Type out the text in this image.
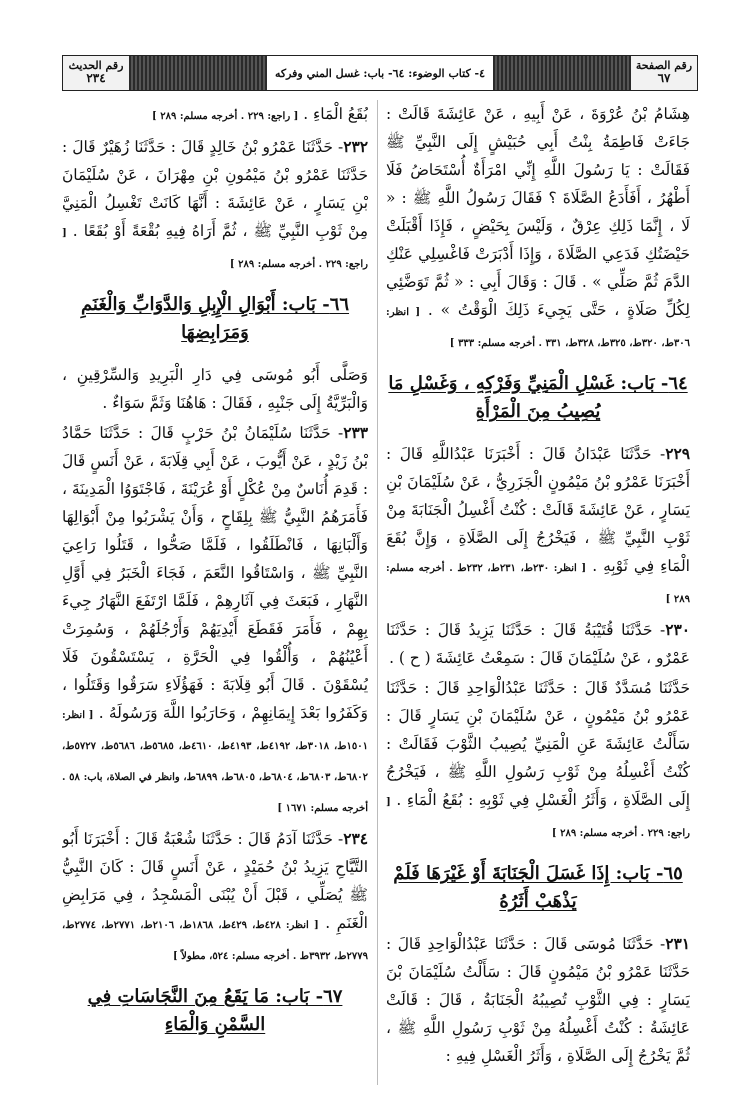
رقم الصفحة
٦٧
٤- كتاب الوضوء: ٦٤- باب: غسل المني وفركه
رقم الحديث
٢٣٤

هِشَامُ بْنُ عُرْوَةَ ، عَنْ أَبِيهِ ، عَنْ عَائِشَةَ قَالَتْ : جَاءَتْ فَاطِمَةُ بِنْتُ أَبِي حُبَيْشٍ إِلَى النَّبِيِّ ﷺ فَقَالَتْ : يَا رَسُولَ اللَّهِ إِنِّي امْرَأَةٌ أُسْتَحَاضُ فَلَا أَطْهُرُ ، أَفَأَدَعُ الصَّلَاةَ ؟ فَقَالَ رَسُولُ اللَّهِ ﷺ : « لَا ، إِنَّمَا ذَلِكِ عِرْقٌ ، وَلَيْسَ بِحَيْضٍ ، فَإِذَا أَقْبَلَتْ حَيْضَتُكِ فَدَعِي الصَّلَاةَ ، وَإِذَا أَدْبَرَتْ فَاغْسِلِي عَنْكِ الدَّمَ ثُمَّ صَلِّي » . قَالَ : وَقَالَ أَبِي : « ثُمَّ تَوَضَّئِي لِكُلِّ صَلَاةٍ ، حَتَّى يَجِيءَ ذَلِكَ الْوَقْتُ » . [ انظر: ٣٠٦ط، ٣٢٠ط، ٣٢٥ط، ٣٢٨ط، ٣٣١ . أخرجه مسلم: ٣٣٣ ]

٦٤- بَاب: غَسْلِ الْمَنِيِّ وَفَرْكِهِ ، وَغَسْلِ مَا يُصِيبُ مِنَ الْمَرْأَةِ

٢٢٩- حَدَّثَنَا عَبْدَانُ قَالَ : أَخْبَرَنَا عَبْدُاللَّهِ قَالَ : أَخْبَرَنَا عَمْرُو بْنُ مَيْمُونٍ الْجَزَرِيُّ ، عَنْ سُلَيْمَانَ بْنِ يَسَارٍ ، عَنْ عَائِشَةَ قَالَتْ : كُنْتُ أَغْسِلُ الْجَنَابَةَ مِنْ ثَوْبِ النَّبِيِّ ﷺ ، فَيَخْرُجُ إِلَى الصَّلَاةِ ، وَإِنَّ بُقَعَ الْمَاءِ فِي ثَوْبِهِ . [ انظر: ٢٣٠ط، ٢٣١ط، ٢٣٢ط . أخرجه مسلم: ٢٨٩ ]

٢٣٠- حَدَّثَنَا قُتَيْبَةُ قَالَ : حَدَّثَنَا يَزِيدُ قَالَ : حَدَّثَنَا عَمْرٌو ، عَنْ سُلَيْمَانَ قَالَ : سَمِعْتُ عَائِشَةَ ( ح ) .

حَدَّثَنَا مُسَدَّدٌ قَالَ : حَدَّثَنَا عَبْدُالْوَاحِدِ قَالَ : حَدَّثَنَا عَمْرُو بْنُ مَيْمُونٍ ، عَنْ سُلَيْمَانَ بْنِ يَسَارٍ قَالَ : سَأَلْتُ عَائِشَةَ عَنِ الْمَنِيِّ يُصِيبُ الثَّوْبَ فَقَالَتْ : كُنْتُ أَغْسِلُهُ مِنْ ثَوْبِ رَسُولِ اللَّهِ ﷺ ، فَيَخْرُجُ إِلَى الصَّلَاةِ ، وَأَثَرُ الْغَسْلِ فِي ثَوْبِهِ : بُقَعُ الْمَاءِ . [ راجع: ٢٢٩ . أخرجه مسلم: ٢٨٩ ]

٦٥- بَاب: إِذَا غَسَلَ الْجَنَابَةَ أَوْ غَيْرَهَا فَلَمْ يَذْهَبْ أَثَرُهُ

٢٣١- حَدَّثَنَا مُوسَى قَالَ : حَدَّثَنَا عَبْدُالْوَاحِدِ قَالَ : حَدَّثَنَا عَمْرُو بْنُ مَيْمُونٍ قَالَ : سَأَلْتُ سُلَيْمَانَ بْنَ يَسَارٍ : فِي الثَّوْبِ تُصِيبُهُ الْجَنَابَةُ ، قَالَ : قَالَتْ عَائِشَةُ : كُنْتُ أَغْسِلُهُ مِنْ ثَوْبِ رَسُولِ اللَّهِ ﷺ ، ثُمَّ يَخْرُجُ إِلَى الصَّلَاةِ ، وَأَثَرُ الْغَسْلِ فِيهِ :

بُقَعُ الْمَاءِ . [ راجع: ٢٢٩ . أخرجه مسلم: ٢٨٩ ]

٢٣٢- حَدَّثَنَا عَمْرُو بْنُ خَالِدٍ قَالَ : حَدَّثَنَا زُهَيْرٌ قَالَ : حَدَّثَنَا عَمْرُو بْنُ مَيْمُونِ بْنِ مِهْرَانَ ، عَنْ سُلَيْمَانَ بْنِ يَسَارٍ ، عَنْ عَائِشَةَ : أَنَّهَا كَانَتْ تَغْسِلُ الْمَنِيَّ مِنْ ثَوْبِ النَّبِيِّ ﷺ ، ثُمَّ أَرَاهُ فِيهِ بُقْعَةً أَوْ بُقَعًا . [ راجع: ٢٢٩ . أخرجه مسلم: ٢٨٩ ]

٦٦- بَاب: أَبْوَالِ الْإِبِلِ وَالدَّوَابِّ وَالْغَنَمِ وَمَرَابِضِهَا

وَصَلَّى أَبُو مُوسَى فِي دَارِ الْبَرِيدِ وَالسِّرْقِينِ ، وَالْبَرِّيَّةُ إِلَى جَنْبِهِ ، فَقَالَ : هَاهُنَا وَثَمَّ سَوَاءٌ .

٢٣٣- حَدَّثَنَا سُلَيْمَانُ بْنُ حَرْبٍ قَالَ : حَدَّثَنَا حَمَّادُ بْنُ زَيْدٍ ، عَنْ أَيُّوبَ ، عَنْ أَبِي قِلَابَةَ ، عَنْ أَنَسٍ قَالَ : قَدِمَ أُنَاسٌ مِنْ عُكْلٍ أَوْ عُرَيْنَةَ ، فَاجْتَوَوُا الْمَدِينَةَ ، فَأَمَرَهُمُ النَّبِيُّ ﷺ بِلِقَاحٍ ، وَأَنْ يَشْرَبُوا مِنْ أَبْوَالِهَا وَأَلْبَانِهَا ، فَانْطَلَقُوا ، فَلَمَّا صَحُّوا ، قَتَلُوا رَاعِيَ النَّبِيِّ ﷺ ، وَاسْتَاقُوا النَّعَمَ ، فَجَاءَ الْخَبَرُ فِي أَوَّلِ النَّهَارِ ، فَبَعَثَ فِي آثَارِهِمْ ، فَلَمَّا ارْتَفَعَ النَّهَارُ جِيءَ بِهِمْ ، فَأَمَرَ فَقَطَعَ أَيْدِيَهُمْ وَأَرْجُلَهُمْ ، وَسُمِرَتْ أَعْيُنُهُمْ ، وَأُلْقُوا فِي الْحَرَّةِ ، يَسْتَسْقُونَ فَلَا يُسْقَوْنَ . قَالَ أَبُو قِلَابَةَ : فَهَؤُلَاءِ سَرَقُوا وَقَتَلُوا ، وَكَفَرُوا بَعْدَ إِيمَانِهِمْ ، وَحَارَبُوا اللَّهَ وَرَسُولَهُ . [ انظر: ١٥٠١ط، ٣٠١٨ط، ٤١٩٢ط، ٤١٩٣ط، ٤٦١٠ط، ٥٦٨٥ط، ٥٦٨٦ط، ٥٧٢٧ط، ٦٨٠٢ط، ٦٨٠٣ط، ٦٨٠٤ط، ٦٨٠٥ط، ٦٨٩٩ط، وانظر في الصلاة، باب: ٥٨ . أخرجه مسلم: ١٦٧١ ]

٢٣٤- حَدَّثَنَا آدَمُ قَالَ : حَدَّثَنَا شُعْبَةُ قَالَ : أَخْبَرَنَا أَبُو التَّيَّاحِ يَزِيدُ بْنُ حُمَيْدٍ ، عَنْ أَنَسٍ قَالَ : كَانَ النَّبِيُّ ﷺ يُصَلِّي ، قَبْلَ أَنْ يُبْنَى الْمَسْجِدُ ، فِي مَرَابِضِ الْغَنَمِ . [ انظر: ٤٢٨ط، ٤٢٩ط، ١٨٦٨ط، ٢١٠٦ط، ٢٧٧١ط، ٢٧٧٤ط، ٢٧٧٩ط، ٣٩٣٢ط . أخرجه مسلم: ٥٢٤، مطولاً ]

٦٧- بَاب: مَا يَقَعُ مِنَ النَّجَاسَاتِ فِي السَّمْنِ وَالْمَاءِ
